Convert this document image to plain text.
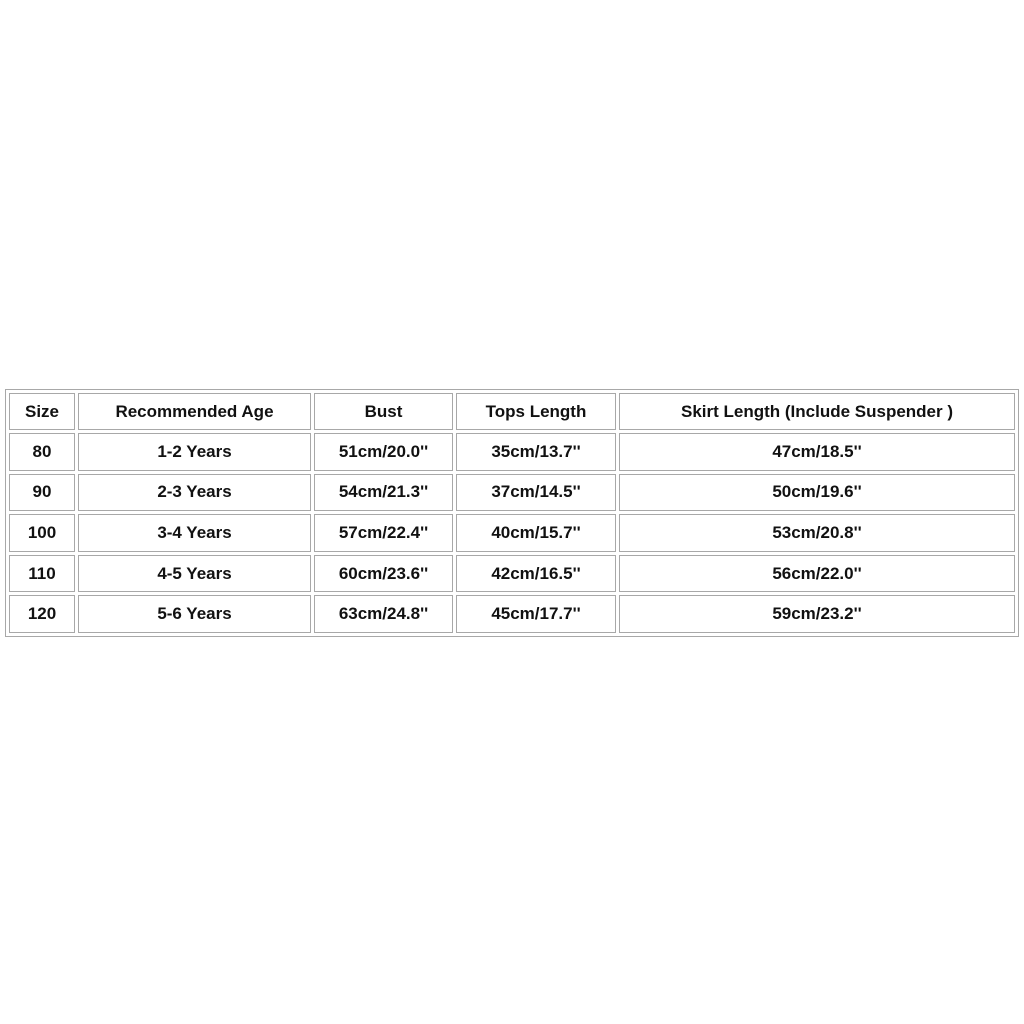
Size	Recommended Age	Bust	Tops Length	Skirt Length (Include Suspender )
80	1-2 Years	51cm/20.0''	35cm/13.7''	47cm/18.5''
90	2-3 Years	54cm/21.3''	37cm/14.5''	50cm/19.6''
100	3-4 Years	57cm/22.4''	40cm/15.7''	53cm/20.8''
110	4-5 Years	60cm/23.6''	42cm/16.5''	56cm/22.0''
120	5-6 Years	63cm/24.8''	45cm/17.7''	59cm/23.2''
